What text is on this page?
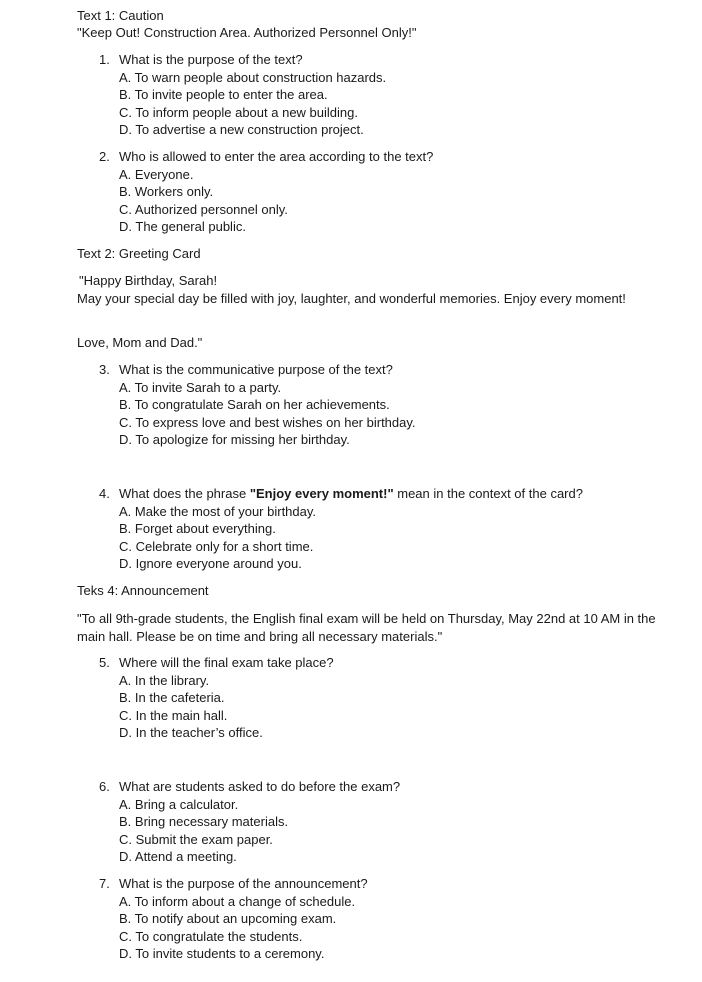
Text 1: Caution
"Keep Out! Construction Area. Authorized Personnel Only!"
1. What is the purpose of the text?
A. To warn people about construction hazards.
B. To invite people to enter the area.
C. To inform people about a new building.
D. To advertise a new construction project.
2. Who is allowed to enter the area according to the text?
A. Everyone.
B. Workers only.
C. Authorized personnel only.
D. The general public.
Text 2: Greeting Card
"Happy Birthday, Sarah!
May your special day be filled with joy, laughter, and wonderful memories. Enjoy every moment!
Love, Mom and Dad."
3. What is the communicative purpose of the text?
A. To invite Sarah to a party.
B. To congratulate Sarah on her achievements.
C. To express love and best wishes on her birthday.
D. To apologize for missing her birthday.
4. What does the phrase "Enjoy every moment!" mean in the context of the card?
A. Make the most of your birthday.
B. Forget about everything.
C. Celebrate only for a short time.
D. Ignore everyone around you.
Teks 4: Announcement
"To all 9th-grade students, the English final exam will be held on Thursday, May 22nd at 10 AM in the main hall. Please be on time and bring all necessary materials."
5. Where will the final exam take place?
A. In the library.
B. In the cafeteria.
C. In the main hall.
D. In the teacher’s office.
6. What are students asked to do before the exam?
A. Bring a calculator.
B. Bring necessary materials.
C. Submit the exam paper.
D. Attend a meeting.
7. What is the purpose of the announcement?
A. To inform about a change of schedule.
B. To notify about an upcoming exam.
C. To congratulate the students.
D. To invite students to a ceremony.
